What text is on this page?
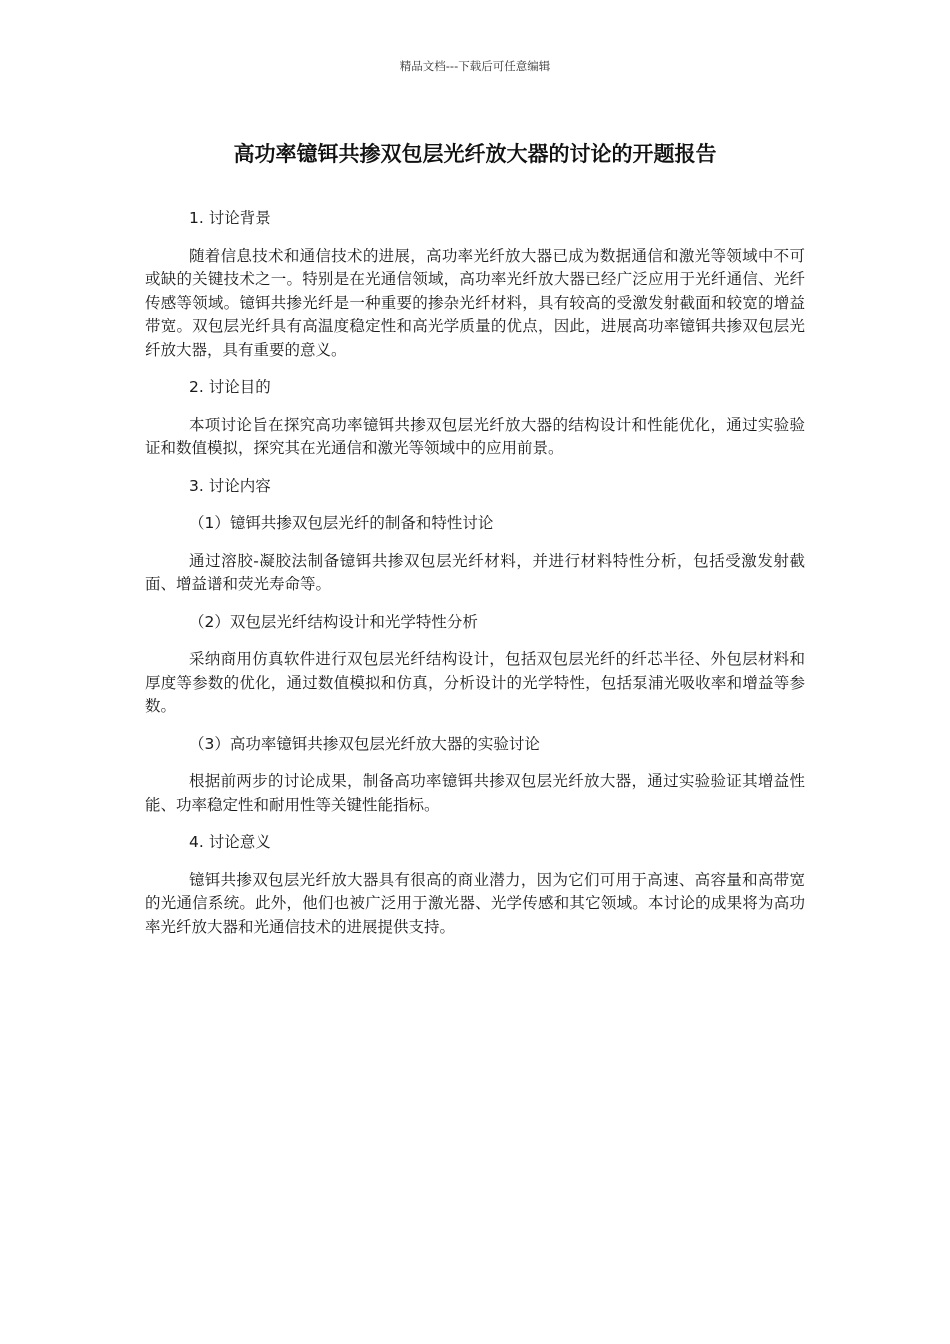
精品文档---下载后可任意编辑
高功率镱铒共掺双包层光纤放大器的讨论的开题报告

1. 讨论背景

随着信息技术和通信技术的进展，高功率光纤放大器已成为数据通信和激光等领域中不可或缺的关键技术之一。特别是在光通信领域，高功率光纤放大器已经广泛应用于光纤通信、光纤传感等领域。镱铒共掺光纤是一种重要的掺杂光纤材料，具有较高的受激发射截面和较宽的增益带宽。双包层光纤具有高温度稳定性和高光学质量的优点，因此，进展高功率镱铒共掺双包层光纤放大器，具有重要的意义。

2. 讨论目的

本项讨论旨在探究高功率镱铒共掺双包层光纤放大器的结构设计和性能优化，通过实验验证和数值模拟，探究其在光通信和激光等领域中的应用前景。

3. 讨论内容

（1）镱铒共掺双包层光纤的制备和特性讨论

通过溶胶-凝胶法制备镱铒共掺双包层光纤材料，并进行材料特性分析，包括受激发射截面、增益谱和荧光寿命等。

（2）双包层光纤结构设计和光学特性分析

采纳商用仿真软件进行双包层光纤结构设计，包括双包层光纤的纤芯半径、外包层材料和厚度等参数的优化，通过数值模拟和仿真，分析设计的光学特性，包括泵浦光吸收率和增益等参数。

（3）高功率镱铒共掺双包层光纤放大器的实验讨论

根据前两步的讨论成果，制备高功率镱铒共掺双包层光纤放大器，通过实验验证其增益性能、功率稳定性和耐用性等关键性能指标。

4. 讨论意义

镱铒共掺双包层光纤放大器具有很高的商业潜力，因为它们可用于高速、高容量和高带宽的光通信系统。此外，他们也被广泛用于激光器、光学传感和其它领域。本讨论的成果将为高功率光纤放大器和光通信技术的进展提供支持。
